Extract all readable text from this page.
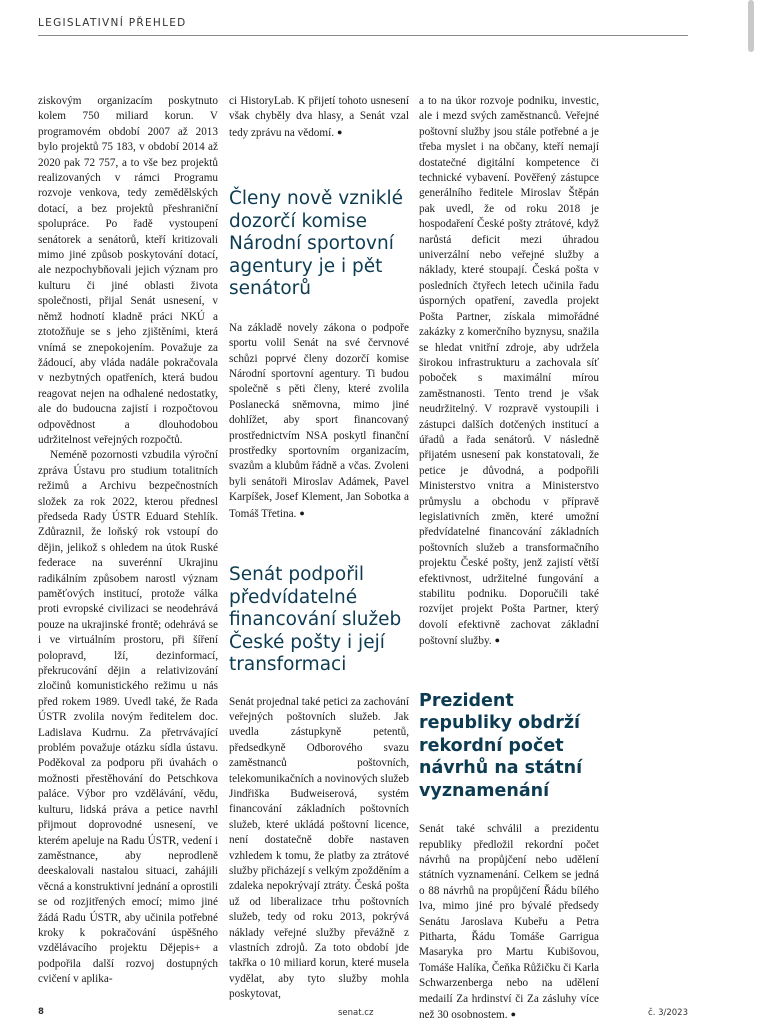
LEGISLATIVNÍ PŘEHLED

ziskovým organizacím poskytnuto kolem 750 miliard korun. V programovém období 2007 až 2013 bylo projektů 75 183, v období 2014 až 2020 pak 72 757, a to vše bez projektů realizovaných v rámci Programu rozvoje venkova, tedy zemědělských dotací, a bez projektů přeshraniční spolupráce. Po řadě vystoupení senátorek a senátorů, kteří kritizovali mimo jiné způsob poskytování dotací, ale nezpochybňovali jejich význam pro kulturu či jiné oblasti života společnosti, přijal Senát usnesení, v němž hodnotí kladně práci NKÚ a ztotožňuje se s jeho zjištěními, která vnímá se znepokojením. Považuje za žádoucí, aby vláda nadále pokračovala v nezbytných opatřeních, která budou reagovat nejen na odhalené nedostatky, ale do budoucna zajistí i rozpočtovou odpovědnost a dlouhodobou udržitelnost veřejných rozpočtů.

Neméně pozornosti vzbudila výroční zpráva Ústavu pro studium totalitních režimů a Archivu bezpečnostních složek za rok 2022, kterou přednesl předseda Rady ÚSTR Eduard Stehlík. Zdůraznil, že loňský rok vstoupí do dějin, jelikož s ohledem na útok Ruské federace na suverénní Ukrajinu radikálním způsobem narostl význam paměťových institucí, protože válka proti evropské civilizaci se neodehrává pouze na ukrajinské frontě; odehrává se i ve virtuálním prostoru, při šíření polopravd, lží, dezinformací, překrucování dějin a relativizování zločinů komunistického režimu u nás před rokem 1989. Uvedl také, že Rada ÚSTR zvolila novým ředitelem doc. Ladislava Kudrnu. Za přetrvávající problém považuje otázku sídla ústavu. Poděkoval za podporu při úvahách o možnosti přestěhování do Petschkova paláce. Výbor pro vzdělávání, vědu, kulturu, lidská práva a petice navrhl přijmout doprovodné usnesení, ve kterém apeluje na Radu ÚSTR, vedení i zaměstnance, aby neprodleně deeskalovali nastalou situaci, zahájili věcná a konstruktivní jednání a oprostili se od rozjitřených emocí; mimo jiné žádá Radu ÚSTR, aby učinila potřebné kroky k pokračování úspěšného vzdělávacího projektu Dějepis+ a podpořila další rozvoj dostupných cvičení v aplika-

ci HistoryLab. K přijetí tohoto usnesení však chyběly dva hlasy, a Senát vzal tedy zprávu na vědomí. ●

Členy nově vzniklé dozorčí komise Národní sportovní agentury je i pět senátorů

Na základě novely zákona o podpoře sportu volil Senát na své červnové schůzi poprvé členy dozorčí komise Národní sportovní agentury. Ti budou společně s pěti členy, které zvolila Poslanecká sněmovna, mimo jiné dohlížet, aby sport financovaný prostřednictvím NSA poskytl finanční prostředky sportovním organizacím, svazům a klubům řádně a včas. Zvoleni byli senátoři Miroslav Adámek, Pavel Karpíšek, Josef Klement, Jan Sobotka a Tomáš Třetina. ●

Senát podpořil předvídatelné financování služeb České pošty i její transformaci

Senát projednal také petici za zachování veřejných poštovních služeb. Jak uvedla zástupkyně petentů, předsedkyně Odborového svazu zaměstnanců poštovních, telekomunikačních a novinových služeb Jindřiška Budweiserová, systém financování základních poštovních služeb, které ukládá poštovní licence, není dostatečně dobře nastaven vzhledem k tomu, že platby za ztrátové služby přicházejí s velkým zpožděním a zdaleka nepokrývají ztráty. Česká pošta už od liberalizace trhu poštovních služeb, tedy od roku 2013, pokrývá náklady veřejné služby převážně z vlastních zdrojů. Za toto období jde takřka o 10 miliard korun, které musela vydělat, aby tyto služby mohla poskytovat,

a to na úkor rozvoje podniku, investic, ale i mezd svých zaměstnanců. Veřejné poštovní služby jsou stále potřebné a je třeba myslet i na občany, kteří nemají dostatečné digitální kompetence či technické vybavení. Pověřený zástupce generálního ředitele Miroslav Štěpán pak uvedl, že od roku 2018 je hospodaření České pošty ztrátové, když narůstá deficit mezi úhradou univerzální nebo veřejné služby a náklady, které stoupají. Česká pošta v posledních čtyřech letech učinila řadu úsporných opatření, zavedla projekt Pošta Partner, získala mimořádné zakázky z komerčního byznysu, snažila se hledat vnitřní zdroje, aby udržela širokou infrastrukturu a zachovala síť poboček s maximální mírou zaměstnanosti. Tento trend je však neudržitelný. V rozpravě vystoupili i zástupci dalších dotčených institucí a úřadů a řada senátorů. V následně přijatém usnesení pak konstatovali, že petice je důvodná, a podpořili Ministerstvo vnitra a Ministerstvo průmyslu a obchodu v přípravě legislativních změn, které umožní předvídatelné financování základních poštovních služeb a transformačního projektu České pošty, jenž zajistí větší efektivnost, udržitelné fungování a stabilitu podniku. Doporučili také rozvíjet projekt Pošta Partner, který dovolí efektivně zachovat základní poštovní služby. ●

Prezident republiky obdrží rekordní počet návrhů na státní vyznamenání

Senát také schválil a prezidentu republiky předložil rekordní počet návrhů na propůjčení nebo udělení státních vyznamenání. Celkem se jedná o 88 návrhů na propůjčení Řádu bílého lva, mimo jiné pro bývalé předsedy Senátu Jaroslava Kubeřu a Petra Pitharta, Řádu Tomáše Garrigua Masaryka pro Martu Kubišovou, Tomáše Halíka, Čeňka Růžičku či Karla Schwarzenberga nebo na udělení medailí Za hrdinství či Za zásluhy více než 30 osobnostem. ●

8	senat.cz	č. 3/2023
